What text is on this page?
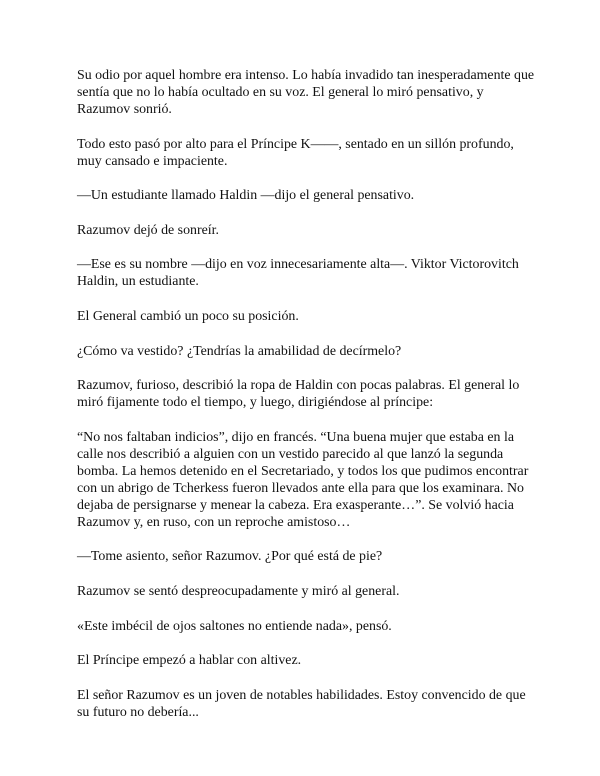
Su odio por aquel hombre era intenso. Lo había invadido tan inesperadamente que sentía que no lo había ocultado en su voz. El general lo miró pensativo, y Razumov sonrió.

Todo esto pasó por alto para el Príncipe K——, sentado en un sillón profundo, muy cansado e impaciente.

—Un estudiante llamado Haldin —dijo el general pensativo.

Razumov dejó de sonreír.

—Ese es su nombre —dijo en voz innecesariamente alta—. Viktor Victorovitch Haldin, un estudiante.

El General cambió un poco su posición.

¿Cómo va vestido? ¿Tendrías la amabilidad de decírmelo?

Razumov, furioso, describió la ropa de Haldin con pocas palabras. El general lo miró fijamente todo el tiempo, y luego, dirigiéndose al príncipe:

“No nos faltaban indicios”, dijo en francés. “Una buena mujer que estaba en la calle nos describió a alguien con un vestido parecido al que lanzó la segunda bomba. La hemos detenido en el Secretariado, y todos los que pudimos encontrar con un abrigo de Tcherkess fueron llevados ante ella para que los examinara. No dejaba de persignarse y menear la cabeza. Era exasperante…”. Se volvió hacia Razumov y, en ruso, con un reproche amistoso…

—Tome asiento, señor Razumov. ¿Por qué está de pie?

Razumov se sentó despreocupadamente y miró al general.

«Este imbécil de ojos saltones no entiende nada», pensó.

El Príncipe empezó a hablar con altivez.

El señor Razumov es un joven de notables habilidades. Estoy convencido de que su futuro no debería...
